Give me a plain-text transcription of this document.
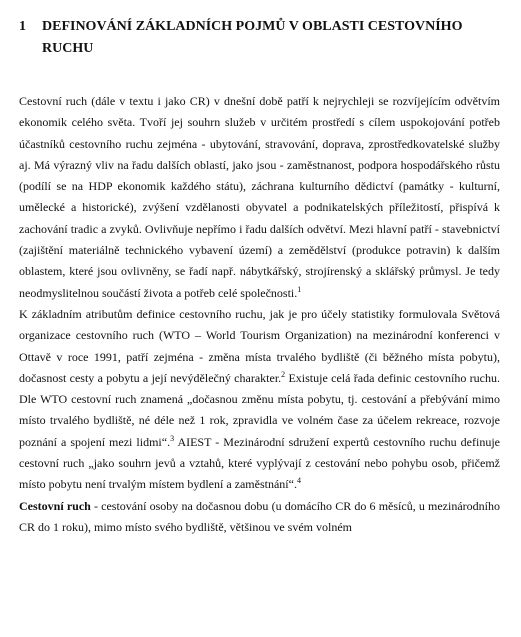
1	DEFINOVÁNÍ ZÁKLADNÍCH POJMŮ V OBLASTI CESTOVNÍHO RUCHU

Cestovní ruch (dále v textu i jako CR) v dnešní době patří k nejrychleji se rozvíjejícím odvětvím ekonomik celého světa. Tvoří jej souhrn služeb v určitém prostředí s cílem uspokojování potřeb účastníků cestovního ruchu zejména - ubytování, stravování, doprava, zprostředkovatelské služby aj. Má výrazný vliv na řadu dalších oblastí, jako jsou - zaměstnanost, podpora hospodářského růstu (podílí se na HDP ekonomik každého státu), záchrana kulturního dědictví (památky - kulturní, umělecké a historické), zvýšení vzdělanosti obyvatel a podnikatelských příležitostí, přispívá k zachování tradic a zvyků. Ovlivňuje nepřímo i řadu dalších odvětví. Mezi hlavní patří - stavebnictví (zajištění materiálně technického vybavení území) a zemědělství (produkce potravin) k dalším oblastem, které jsou ovlivněny, se řadí např. nábytkářský, strojírenský a sklářský průmysl. Je tedy neodmyslitelnou součástí života a potřeb celé společnosti.$^1$

K základním atributům definice cestovního ruchu, jak je pro účely statistiky formulovala Světová organizace cestovního ruch (WTO – World Tourism Organization) na mezinárodní konferenci v Ottavě v roce 1991, patří zejména - změna místa trvalého bydliště (či běžného místa pobytu), dočasnost cesty a pobytu a její nevýdělečný charakter.$^2$ Existuje celá řada definic cestovního ruchu. Dle WTO cestovní ruch znamená „dočasnou změnu místa pobytu, tj. cestování a přebývání mimo místo trvalého bydliště, né déle než 1 rok, zpravidla ve volném čase za účelem rekreace, rozvoje poznání a spojení mezi lidmi“.$^3$ AIEST - Mezinárodní sdružení expertů cestovního ruchu definuje cestovní ruch „jako souhrn jevů a vztahů, které vyplývají z cestování nebo pohybu osob, přičemž místo pobytu není trvalým místem bydlení a zaměstnání“.$^4$

Cestovní ruch - cestování osoby na dočasnou dobu (u domácího CR do 6 měsíců, u mezinárodního CR do 1 roku), mimo místo svého bydliště, většinou ve svém volném
